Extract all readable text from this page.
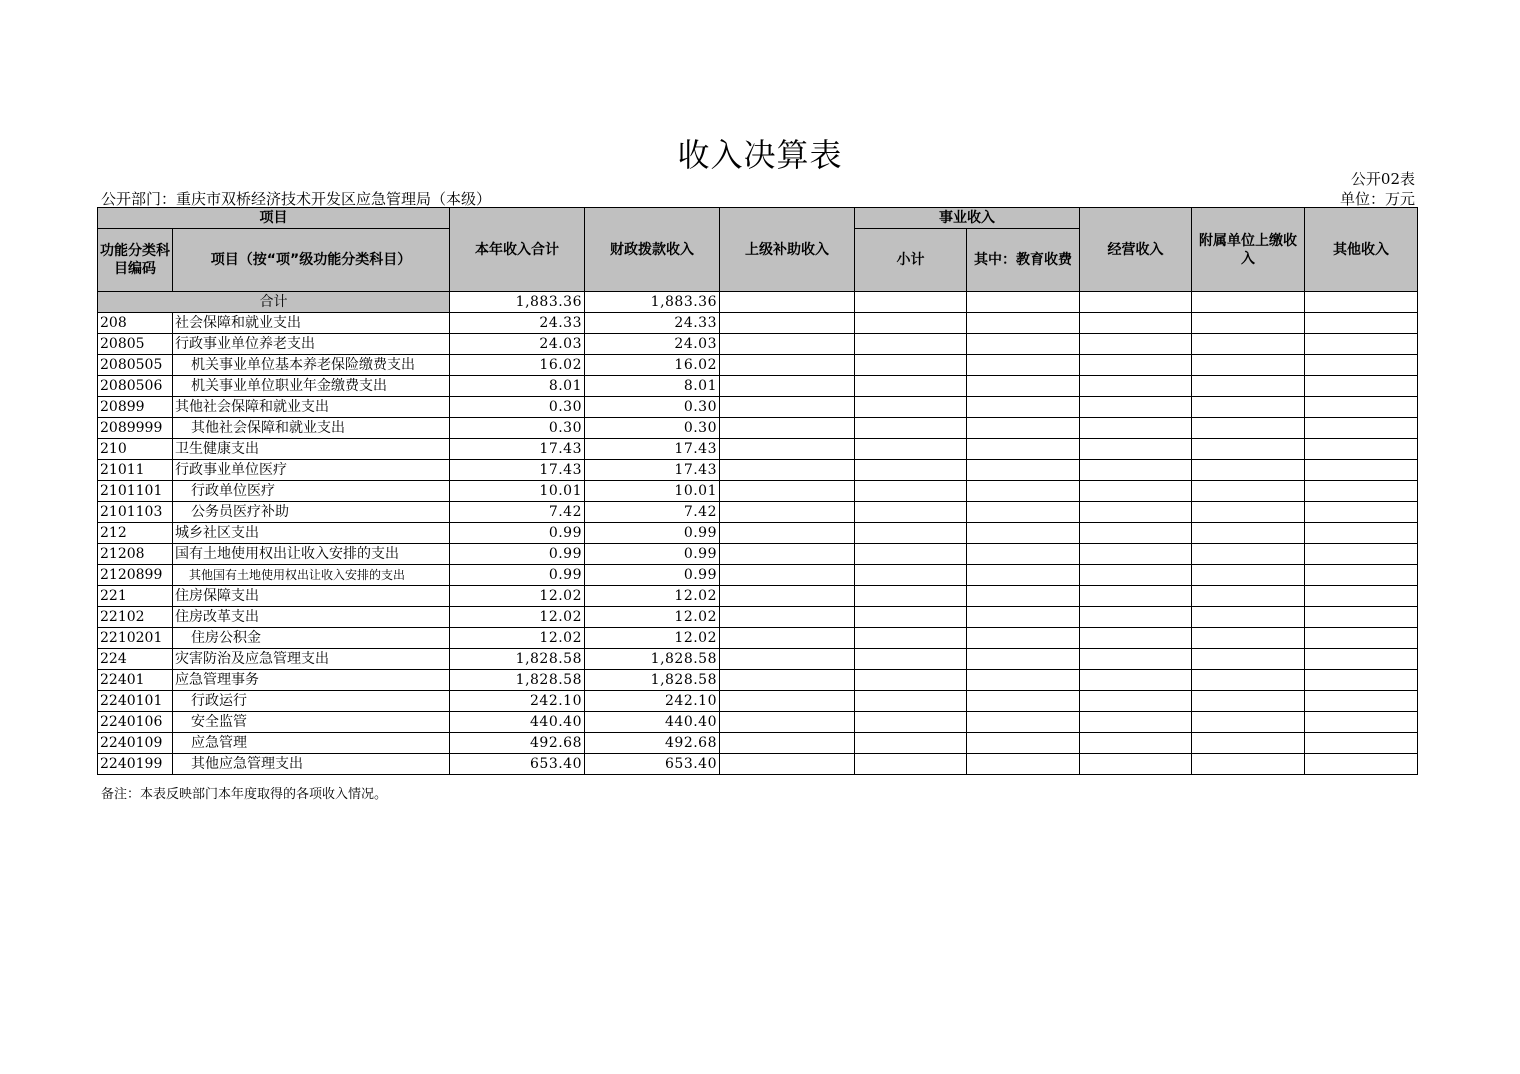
收入决算表
公开02表
公开部门：重庆市双桥经济技术开发区应急管理局（本级）	单位：万元
项目		本年收入合计	财政拨款收入	上级补助收入	事业收入		经营收入	附属单位上缴收入	其他收入
功能分类科目编码	项目（按“项”级功能分类科目）				小计	其中：教育收费			
合计		1,883.36	1,883.36						
208	社会保障和就业支出	24.33	24.33						
20805	行政事业单位养老支出	24.03	24.03						
2080505	机关事业单位基本养老保险缴费支出	16.02	16.02						
2080506	机关事业单位职业年金缴费支出	8.01	8.01						
20899	其他社会保障和就业支出	0.30	0.30						
2089999	其他社会保障和就业支出	0.30	0.30						
210	卫生健康支出	17.43	17.43						
21011	行政事业单位医疗	17.43	17.43						
2101101	行政单位医疗	10.01	10.01						
2101103	公务员医疗补助	7.42	7.42						
212	城乡社区支出	0.99	0.99						
21208	国有土地使用权出让收入安排的支出	0.99	0.99						
2120899	其他国有土地使用权出让收入安排的支出	0.99	0.99						
221	住房保障支出	12.02	12.02						
22102	住房改革支出	12.02	12.02						
2210201	住房公积金	12.02	12.02						
224	灾害防治及应急管理支出	1,828.58	1,828.58						
22401	应急管理事务	1,828.58	1,828.58						
2240101	行政运行	242.10	242.10						
2240106	安全监管	440.40	440.40						
2240109	应急管理	492.68	492.68						
2240199	其他应急管理支出	653.40	653.40						
备注：本表反映部门本年度取得的各项收入情况。
